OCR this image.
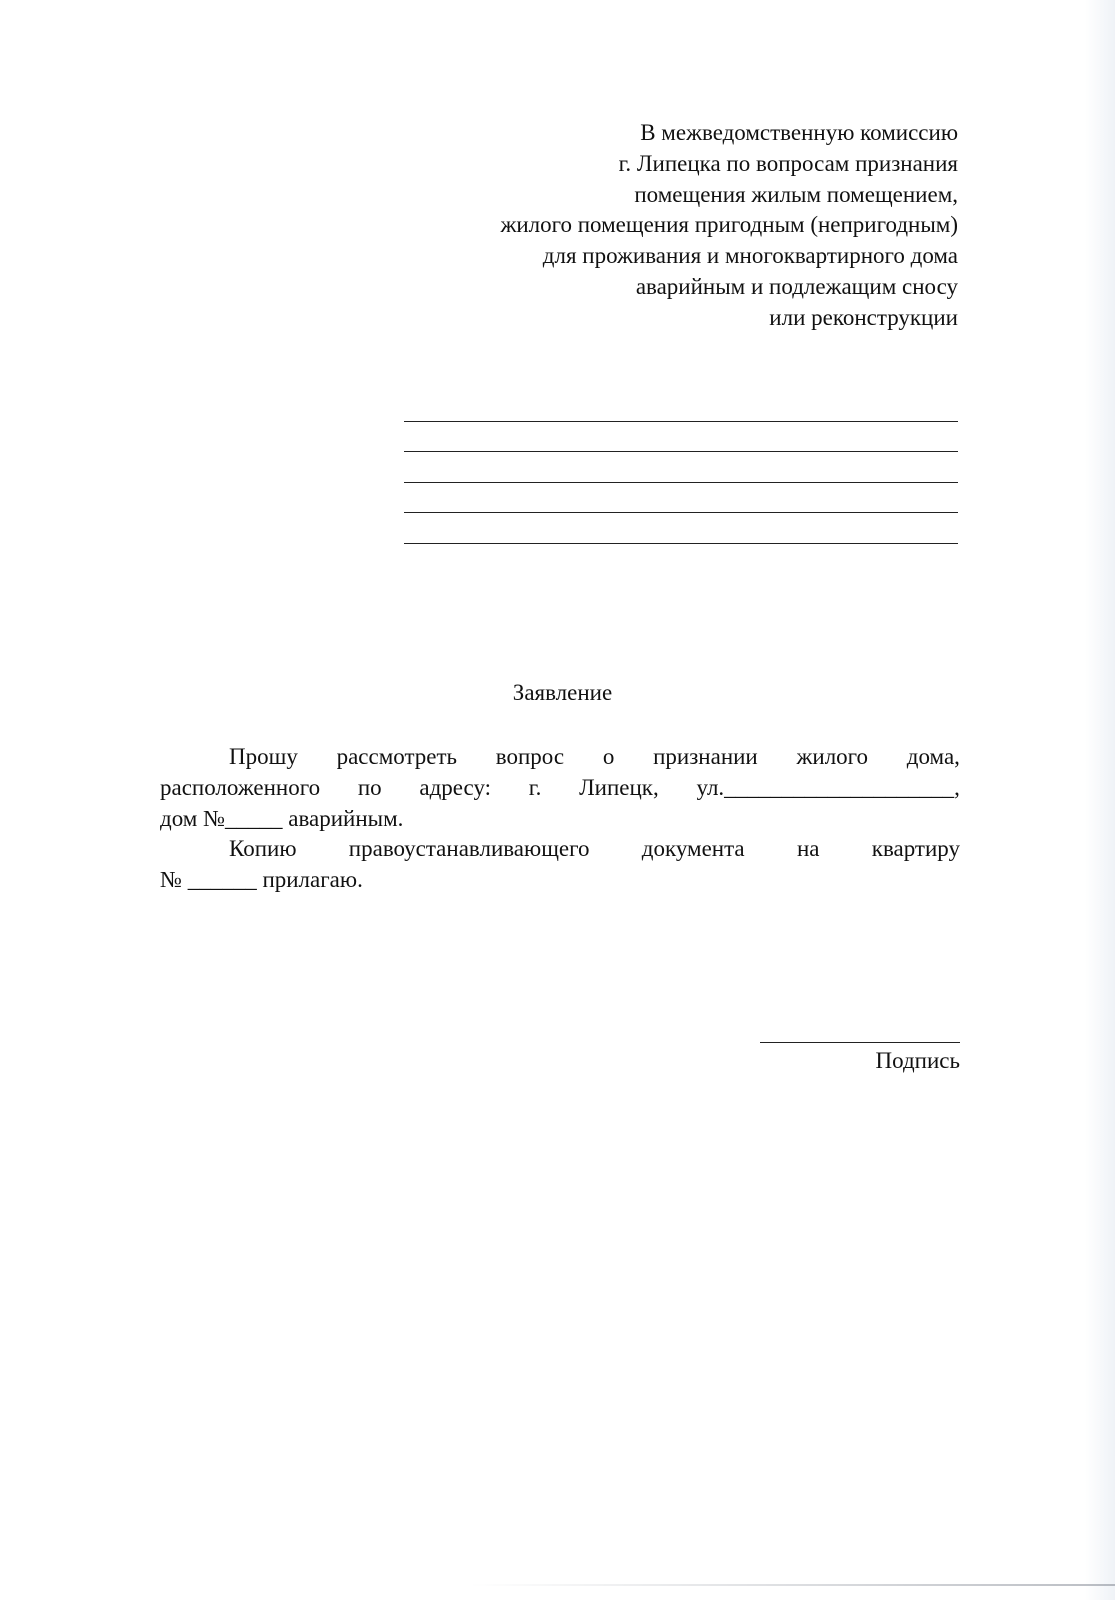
В межведомственную комиссию
г. Липецка по вопросам признания
помещения жилым помещением,
жилого помещения пригодным (непригодным)
для проживания и многоквартирного дома
аварийным и подлежащим сносу
или реконструкции
Заявление
Прошу рассмотреть вопрос о признании жилого дома,
расположенного по адресу: г. Липецк, ул.____________________,
дом №_____ аварийным.
Копию правоустанавливающего документа на квартиру
№ ______ прилагаю.
Подпись
